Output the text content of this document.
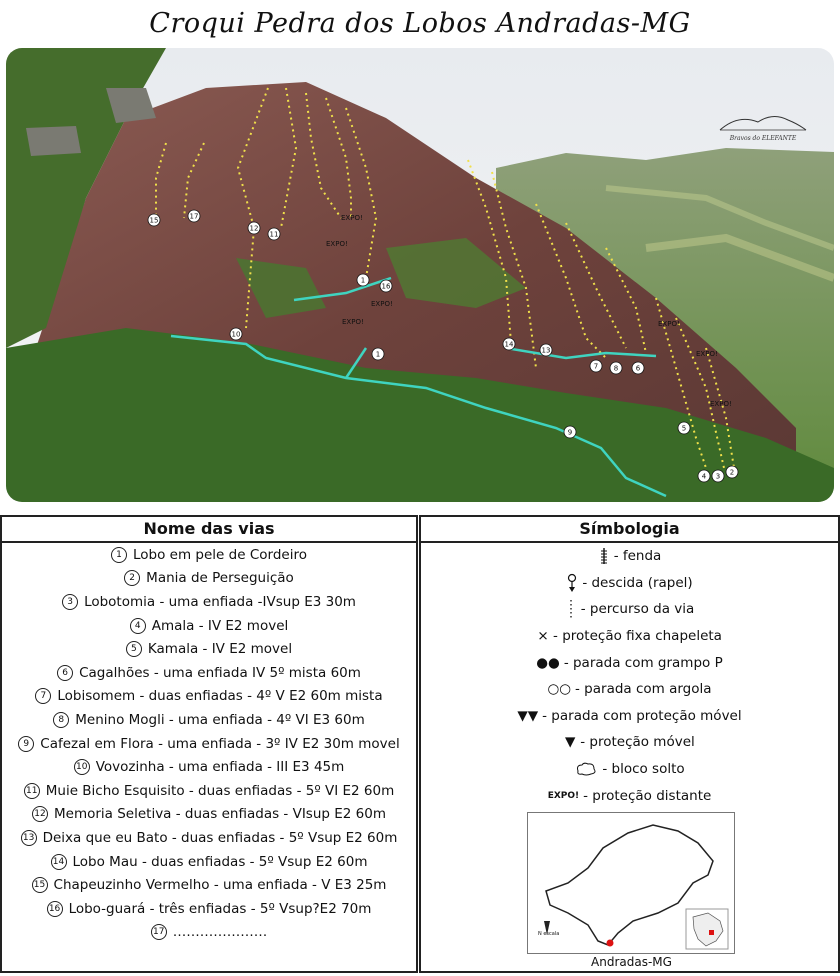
Croqui Pedra dos Lobos Andradas-MG
EXPO!
EXPO!
EXPO!
EXPO!	EXPO!
EXPO!
EXPO!
15	17
12
11
10
1
16
1
14
13
7 8	6
9	5
4 3 2
Bravos do ELEFANTE
Nome das vias
1 Lobo em pele de Cordeiro
2 Mania de Perseguição
3 Lobotomia - uma enfiada -IVsup E3 30m
4 Amala - IV E2 movel
5 Kamala - IV E2 movel
6 Cagalhões - uma enfiada IV 5º mista 60m
7 Lobisomem - duas enfiadas - 4º V E2 60m mista
8 Menino Mogli - uma enfiada - 4º VI E3 60m
9 Cafezal em Flora - uma enfiada - 3º IV E2 30m movel
10 Vovozinha - uma enfiada - III E3 45m
11 Muie Bicho Esquisito - duas enfiadas - 5º VI E2 60m
12 Memoria Seletiva - duas enfiadas - VIsup E2 60m
13 Deixa que eu Bato - duas enfiadas - 5º Vsup E2 60m
14 Lobo Mau - duas enfiadas - 5º Vsup E2 60m
15 Chapeuzinho Vermelho - uma enfiada - V E3 25m
16 Lobo-guará - três enfiadas - 5º Vsup?E2 70m
17 …………………
Símbologia
- fenda
- descida (rapel)
- percurso da via
× - proteção fixa chapeleta
●● - parada com grampo P
○○ - parada com argola
▼▼ - parada com proteção móvel
▼ - proteção móvel
- bloco solto
EXPO! - proteção distante
N escala
Andradas-MG
